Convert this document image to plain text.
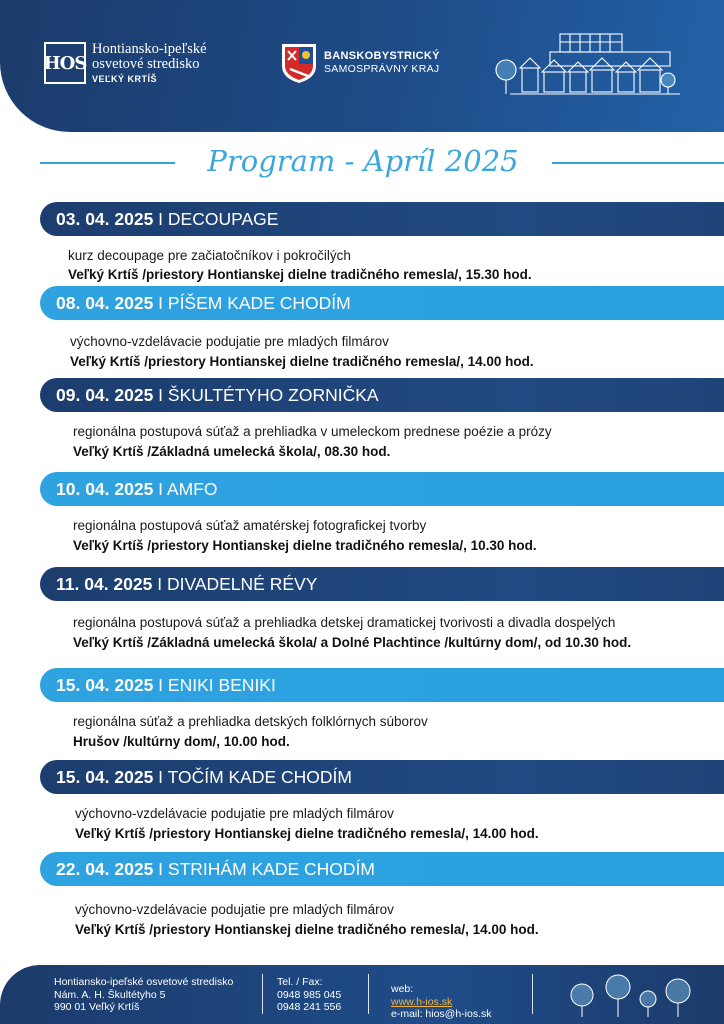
HOS
Hontiansko-ipeľské
osvetové stredisko
VEĽKÝ KRTÍŠ
BANSKOBYSTRICKÝ
SAMOSPRÁVNY KRAJ
Program - Apríl 2025
03. 04. 2025 I DECOUPAGE
kurz decoupage pre začiatočníkov i pokročilých
Veľký Krtíš /priestory Hontianskej dielne tradičného remesla/, 15.30 hod.
08. 04. 2025 I PÍŠEM KADE CHODÍM
výchovno-vzdelávacie podujatie pre mladých filmárov
Veľký Krtíš /priestory Hontianskej dielne tradičného remesla/, 14.00 hod.
09. 04. 2025 I ŠKULTÉTYHO ZORNIČKA
regionálna postupová súťaž a prehliadka v umeleckom prednese poézie a prózy
Veľký Krtíš /Základná umelecká škola/, 08.30 hod.
10. 04. 2025 I AMFO
regionálna postupová súťaž amatérskej fotografickej tvorby
Veľký Krtíš /priestory Hontianskej dielne tradičného remesla/, 10.30 hod.
11. 04. 2025 I DIVADELNÉ RÉVY
regionálna postupová súťaž a prehliadka detskej dramatickej tvorivosti a divadla dospelých
Veľký Krtíš /Základná umelecká škola/ a Dolné Plachtince /kultúrny dom/, od 10.30 hod.
15. 04. 2025 I ENIKI BENIKI
regionálna súťaž a prehliadka detských folklórnych súborov
Hrušov /kultúrny dom/, 10.00 hod.
15. 04. 2025 I TOČÍM KADE CHODÍM
výchovno-vzdelávacie podujatie pre mladých filmárov
Veľký Krtíš /priestory Hontianskej dielne tradičného remesla/, 14.00 hod.
22. 04. 2025 I STRIHÁM KADE CHODÍM
výchovno-vzdelávacie podujatie pre mladých filmárov
Veľký Krtíš /priestory Hontianskej dielne tradičného remesla/, 14.00 hod.
Hontiansko-ipeľské osvetové stredisko
Nám. A. H. Škultétyho 5
990 01 Veľký Krtíš
Tel. / Fax:
0948 985 045
0948 241 556
web:
www.h-ios.sk
e-mail: hios@h-ios.sk
